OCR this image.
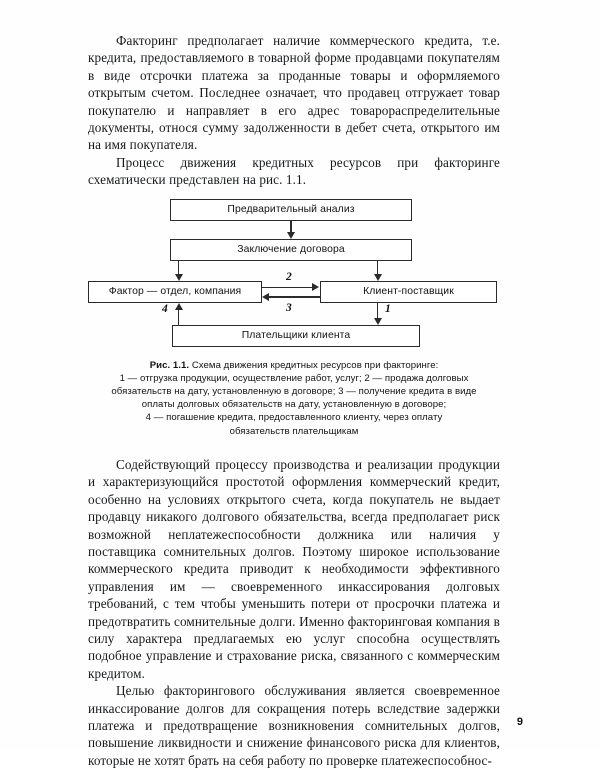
Факторинг предполагает наличие коммерческого кредита, т.е. кредита, предоставляемого в товарной форме продавцами покупателям в виде отсрочки платежа за проданные товары и оформляемого открытым счетом. Последнее означает, что продавец отгружает товар покупателю и направляет в его адрес товарораспределительные документы, относя сумму задолженности в дебет счета, открытого им на имя покупателя.

Процесс движения кредитных ресурсов при факторинге схематически представлен на рис. 1.1.

Предварительный анализ
Заключение договора
Фактор — отдел, компания	Клиент-поставщик
2
3	1
4
Плательщики клиента
Рис. 1.1. Схема движения кредитных ресурсов при факторинге:
1 — отгрузка продукции, осуществление работ, услуг; 2 — продажа долговых
обязательств на дату, установленную в договоре; 3 — получение кредита в виде
оплаты долговых обязательств на дату, установленную в договоре;
4 — погашение кредита, предоставленного клиенту, через оплату
обязательств плательщикам

Содействующий процессу производства и реализации продукции и характеризующийся простотой оформления коммерческий кредит, особенно на условиях открытого счета, когда покупатель не выдает продавцу никакого долгового обязательства, всегда предполагает риск возможной неплатежеспособности должника или наличия у поставщика сомнительных долгов. Поэтому широкое использование коммерческого кредита приводит к необходимости эффективного управления им — своевременного инкассирования долговых требований, с тем чтобы уменьшить потери от просрочки платежа и предотвратить сомнительные долги. Именно факторинговая компания в силу характера предлагаемых ею услуг способна осуществлять подобное управление и страхование риска, связанного с коммерческим кредитом.

Целью факторингового обслуживания является своевременное инкассирование долгов для сокращения потерь вследствие задержки платежа и предотвращение возникновения сомнительных долгов, повышение ликвидности и снижение финансового риска для клиентов, которые не хотят брать на себя работу по проверке платежеспособнос-

9
